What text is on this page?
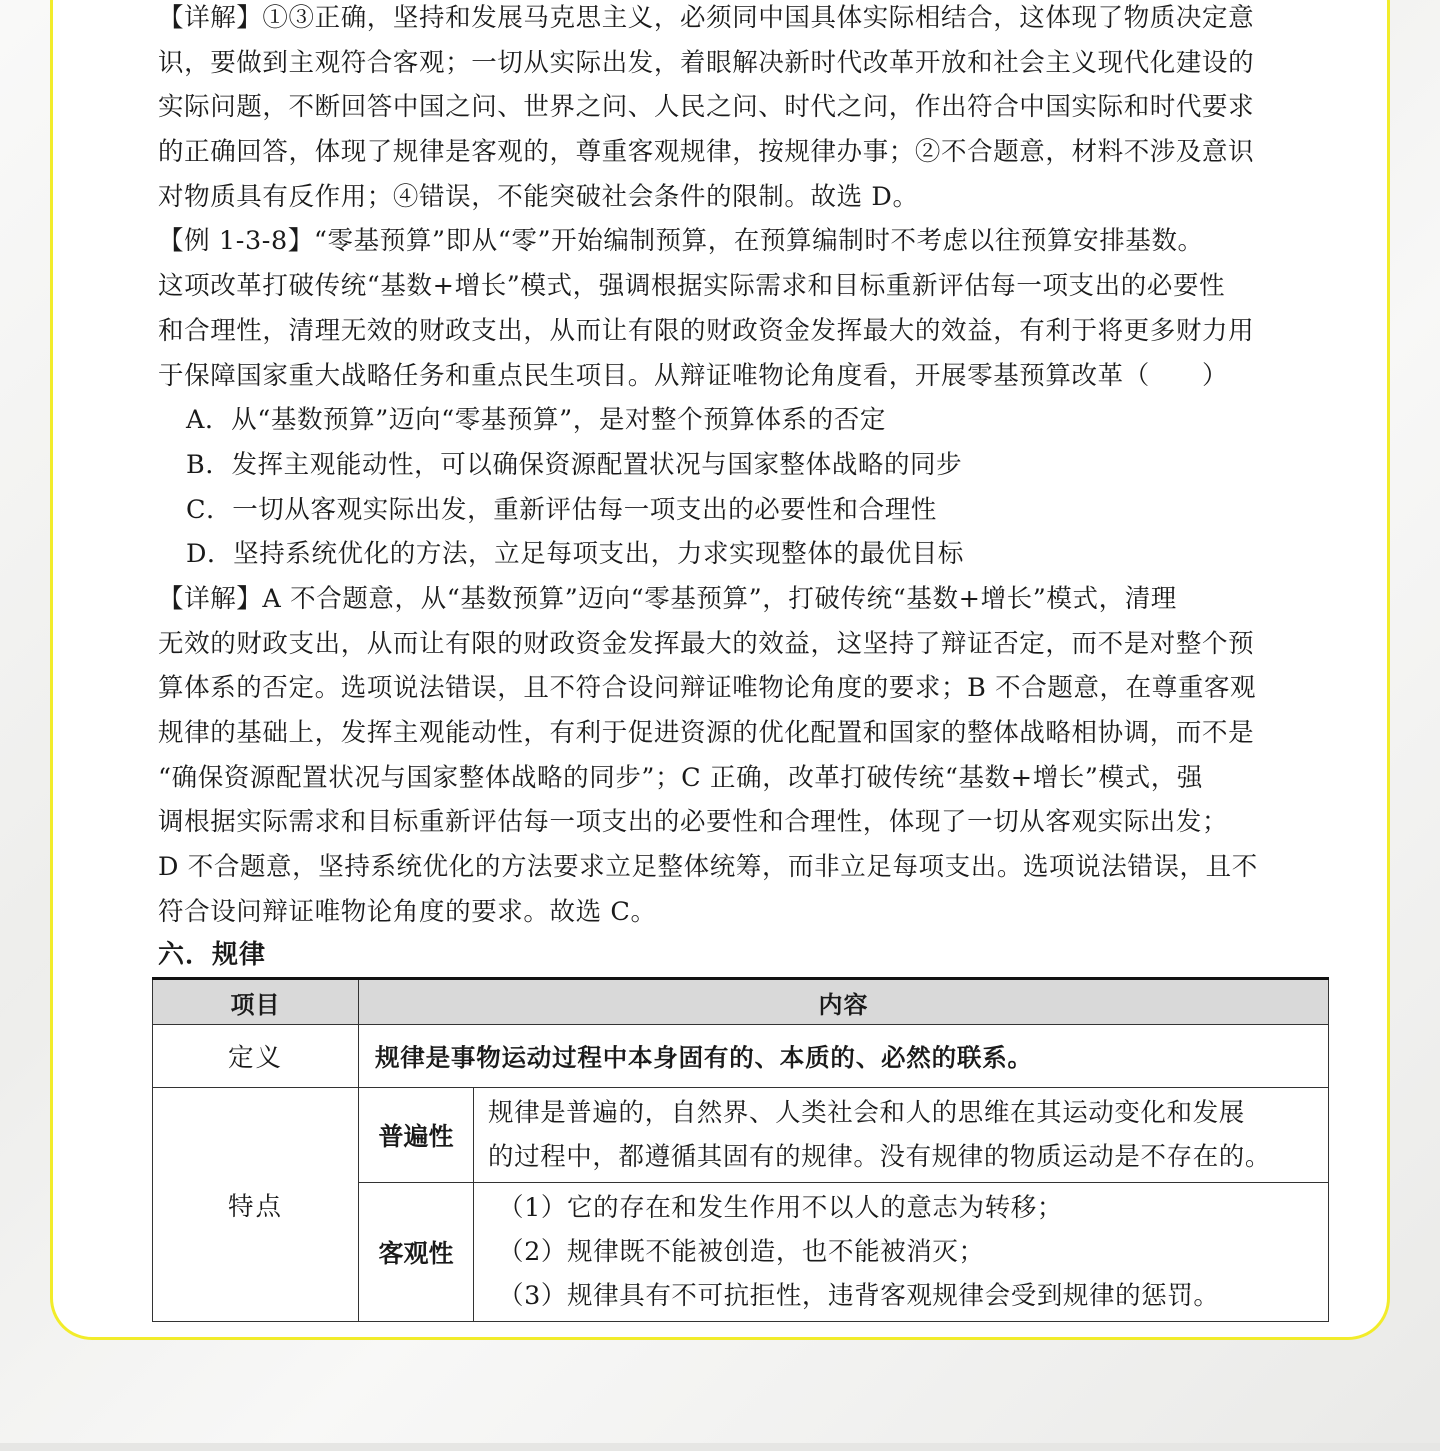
【详解】①③正确，坚持和发展马克思主义，必须同中国具体实际相结合，这体现了物质决定意
识，要做到主观符合客观；一切从实际出发，着眼解决新时代改革开放和社会主义现代化建设的
实际问题，不断回答中国之问、世界之问、人民之问、时代之问，作出符合中国实际和时代要求
的正确回答，体现了规律是客观的，尊重客观规律，按规律办事；②不合题意，材料不涉及意识
对物质具有反作用；④错误，不能突破社会条件的限制。故选 D。
【例 1-3-8】“零基预算”即从“零”开始编制预算，在预算编制时不考虑以往预算安排基数。
这项改革打破传统“基数+增长”模式，强调根据实际需求和目标重新评估每一项支出的必要性
和合理性，清理无效的财政支出，从而让有限的财政资金发挥最大的效益，有利于将更多财力用
于保障国家重大战略任务和重点民生项目。从辩证唯物论角度看，开展零基预算改革（　　）
A．从“基数预算”迈向“零基预算”，是对整个预算体系的否定
B．发挥主观能动性，可以确保资源配置状况与国家整体战略的同步
C．一切从客观实际出发，重新评估每一项支出的必要性和合理性
D．坚持系统优化的方法，立足每项支出，力求实现整体的最优目标
【详解】A 不合题意，从“基数预算”迈向“零基预算”，打破传统“基数+增长”模式，清理
无效的财政支出，从而让有限的财政资金发挥最大的效益，这坚持了辩证否定，而不是对整个预
算体系的否定。选项说法错误，且不符合设问辩证唯物论角度的要求；B 不合题意，在尊重客观
规律的基础上，发挥主观能动性，有利于促进资源的优化配置和国家的整体战略相协调，而不是
“确保资源配置状况与国家整体战略的同步”；C 正确，改革打破传统“基数+增长”模式，强
调根据实际需求和目标重新评估每一项支出的必要性和合理性，体现了一切从客观实际出发；
D 不合题意，坚持系统优化的方法要求立足整体统筹，而非立足每项支出。选项说法错误，且不
符合设问辩证唯物论角度的要求。故选 C。
六．规律
项目	内容	
定义	规律是事物运动过程中本身固有的、本质的、必然的联系。	
特点	普遍性	规律是普遍的，自然界、人类社会和人的思维在其运动变化和发展
的过程中，都遵循其固有的规律。没有规律的物质运动是不存在的。

	客观性	（1）它的存在和发生作用不以人的意志为转移；
（2）规律既不能被创造，也不能被消灭；
（3）规律具有不可抗拒性，违背客观规律会受到规律的惩罚。
